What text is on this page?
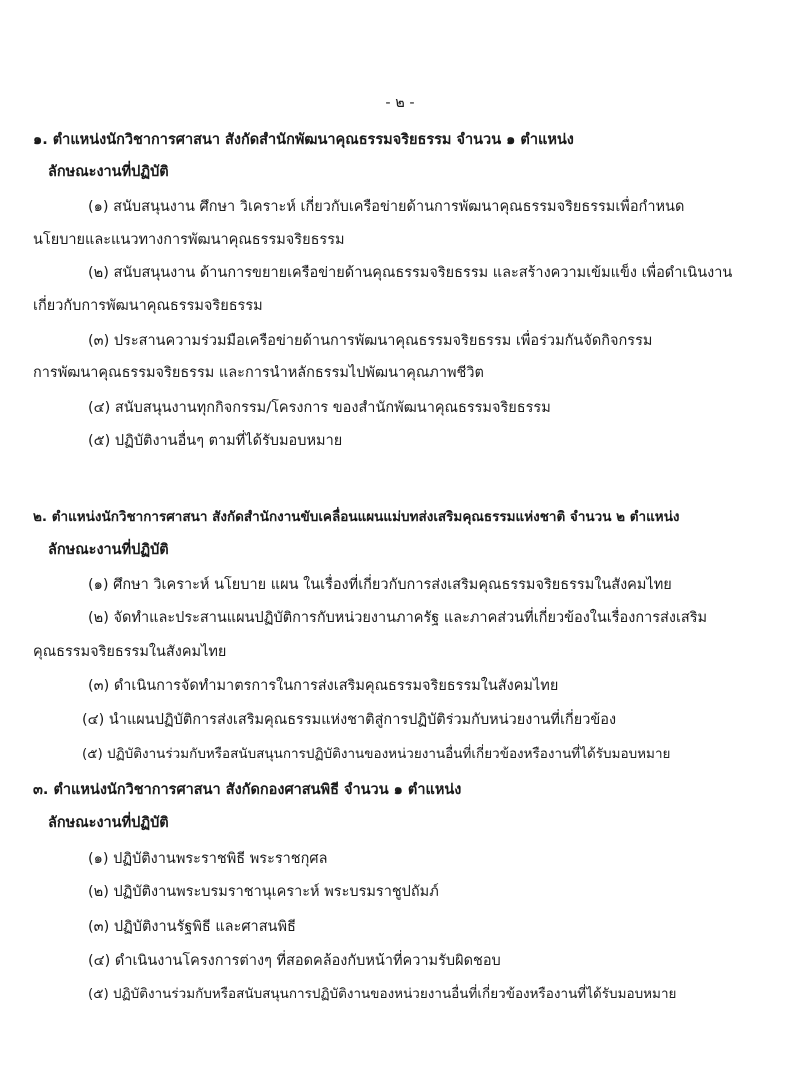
- ๒ -
๑. ตำแหน่งนักวิชาการศาสนา สังกัดสำนักพัฒนาคุณธรรมจริยธรรม จำนวน ๑ ตำแหน่ง
ลักษณะงานที่ปฏิบัติ
(๑) สนับสนุนงาน ศึกษา วิเคราะห์ เกี่ยวกับเครือข่ายด้านการพัฒนาคุณธรรมจริยธรรมเพื่อกำหนด
นโยบายและแนวทางการพัฒนาคุณธรรมจริยธรรม
(๒) สนับสนุนงาน ด้านการขยายเครือข่ายด้านคุณธรรมจริยธรรม และสร้างความเข้มแข็ง เพื่อดำเนินงาน
เกี่ยวกับการพัฒนาคุณธรรมจริยธรรม
(๓) ประสานความร่วมมือเครือข่ายด้านการพัฒนาคุณธรรมจริยธรรม เพื่อร่วมกันจัดกิจกรรม
การพัฒนาคุณธรรมจริยธรรม และการนำหลักธรรมไปพัฒนาคุณภาพชีวิต
(๔) สนับสนุนงานทุกกิจกรรม/โครงการ ของสำนักพัฒนาคุณธรรมจริยธรรม
(๕) ปฏิบัติงานอื่นๆ ตามที่ได้รับมอบหมาย
๒. ตำแหน่งนักวิชาการศาสนา สังกัดสำนักงานขับเคลื่อนแผนแม่บทส่งเสริมคุณธรรมแห่งชาติ จำนวน ๒ ตำแหน่ง
ลักษณะงานที่ปฏิบัติ
(๑) ศึกษา วิเคราะห์ นโยบาย แผน ในเรื่องที่เกี่ยวกับการส่งเสริมคุณธรรมจริยธรรมในสังคมไทย
(๒) จัดทำและประสานแผนปฏิบัติการกับหน่วยงานภาครัฐ และภาคส่วนที่เกี่ยวข้องในเรื่องการส่งเสริม
คุณธรรมจริยธรรมในสังคมไทย
(๓) ดำเนินการจัดทำมาตรการในการส่งเสริมคุณธรรมจริยธรรมในสังคมไทย
(๔) นำแผนปฏิบัติการส่งเสริมคุณธรรมแห่งชาติสู่การปฏิบัติร่วมกับหน่วยงานที่เกี่ยวข้อง
(๕) ปฏิบัติงานร่วมกับหรือสนับสนุนการปฏิบัติงานของหน่วยงานอื่นที่เกี่ยวข้องหรืองานที่ได้รับมอบหมาย
๓. ตำแหน่งนักวิชาการศาสนา สังกัดกองศาสนพิธี จำนวน ๑ ตำแหน่ง
ลักษณะงานที่ปฏิบัติ
(๑) ปฏิบัติงานพระราชพิธี พระราชกุศล
(๒) ปฏิบัติงานพระบรมราชานุเคราะห์ พระบรมราชูปถัมภ์
(๓) ปฏิบัติงานรัฐพิธี และศาสนพิธี
(๔) ดำเนินงานโครงการต่างๆ ที่สอดคล้องกับหน้าที่ความรับผิดชอบ
(๕) ปฏิบัติงานร่วมกับหรือสนับสนุนการปฏิบัติงานของหน่วยงานอื่นที่เกี่ยวข้องหรืองานที่ได้รับมอบหมาย
